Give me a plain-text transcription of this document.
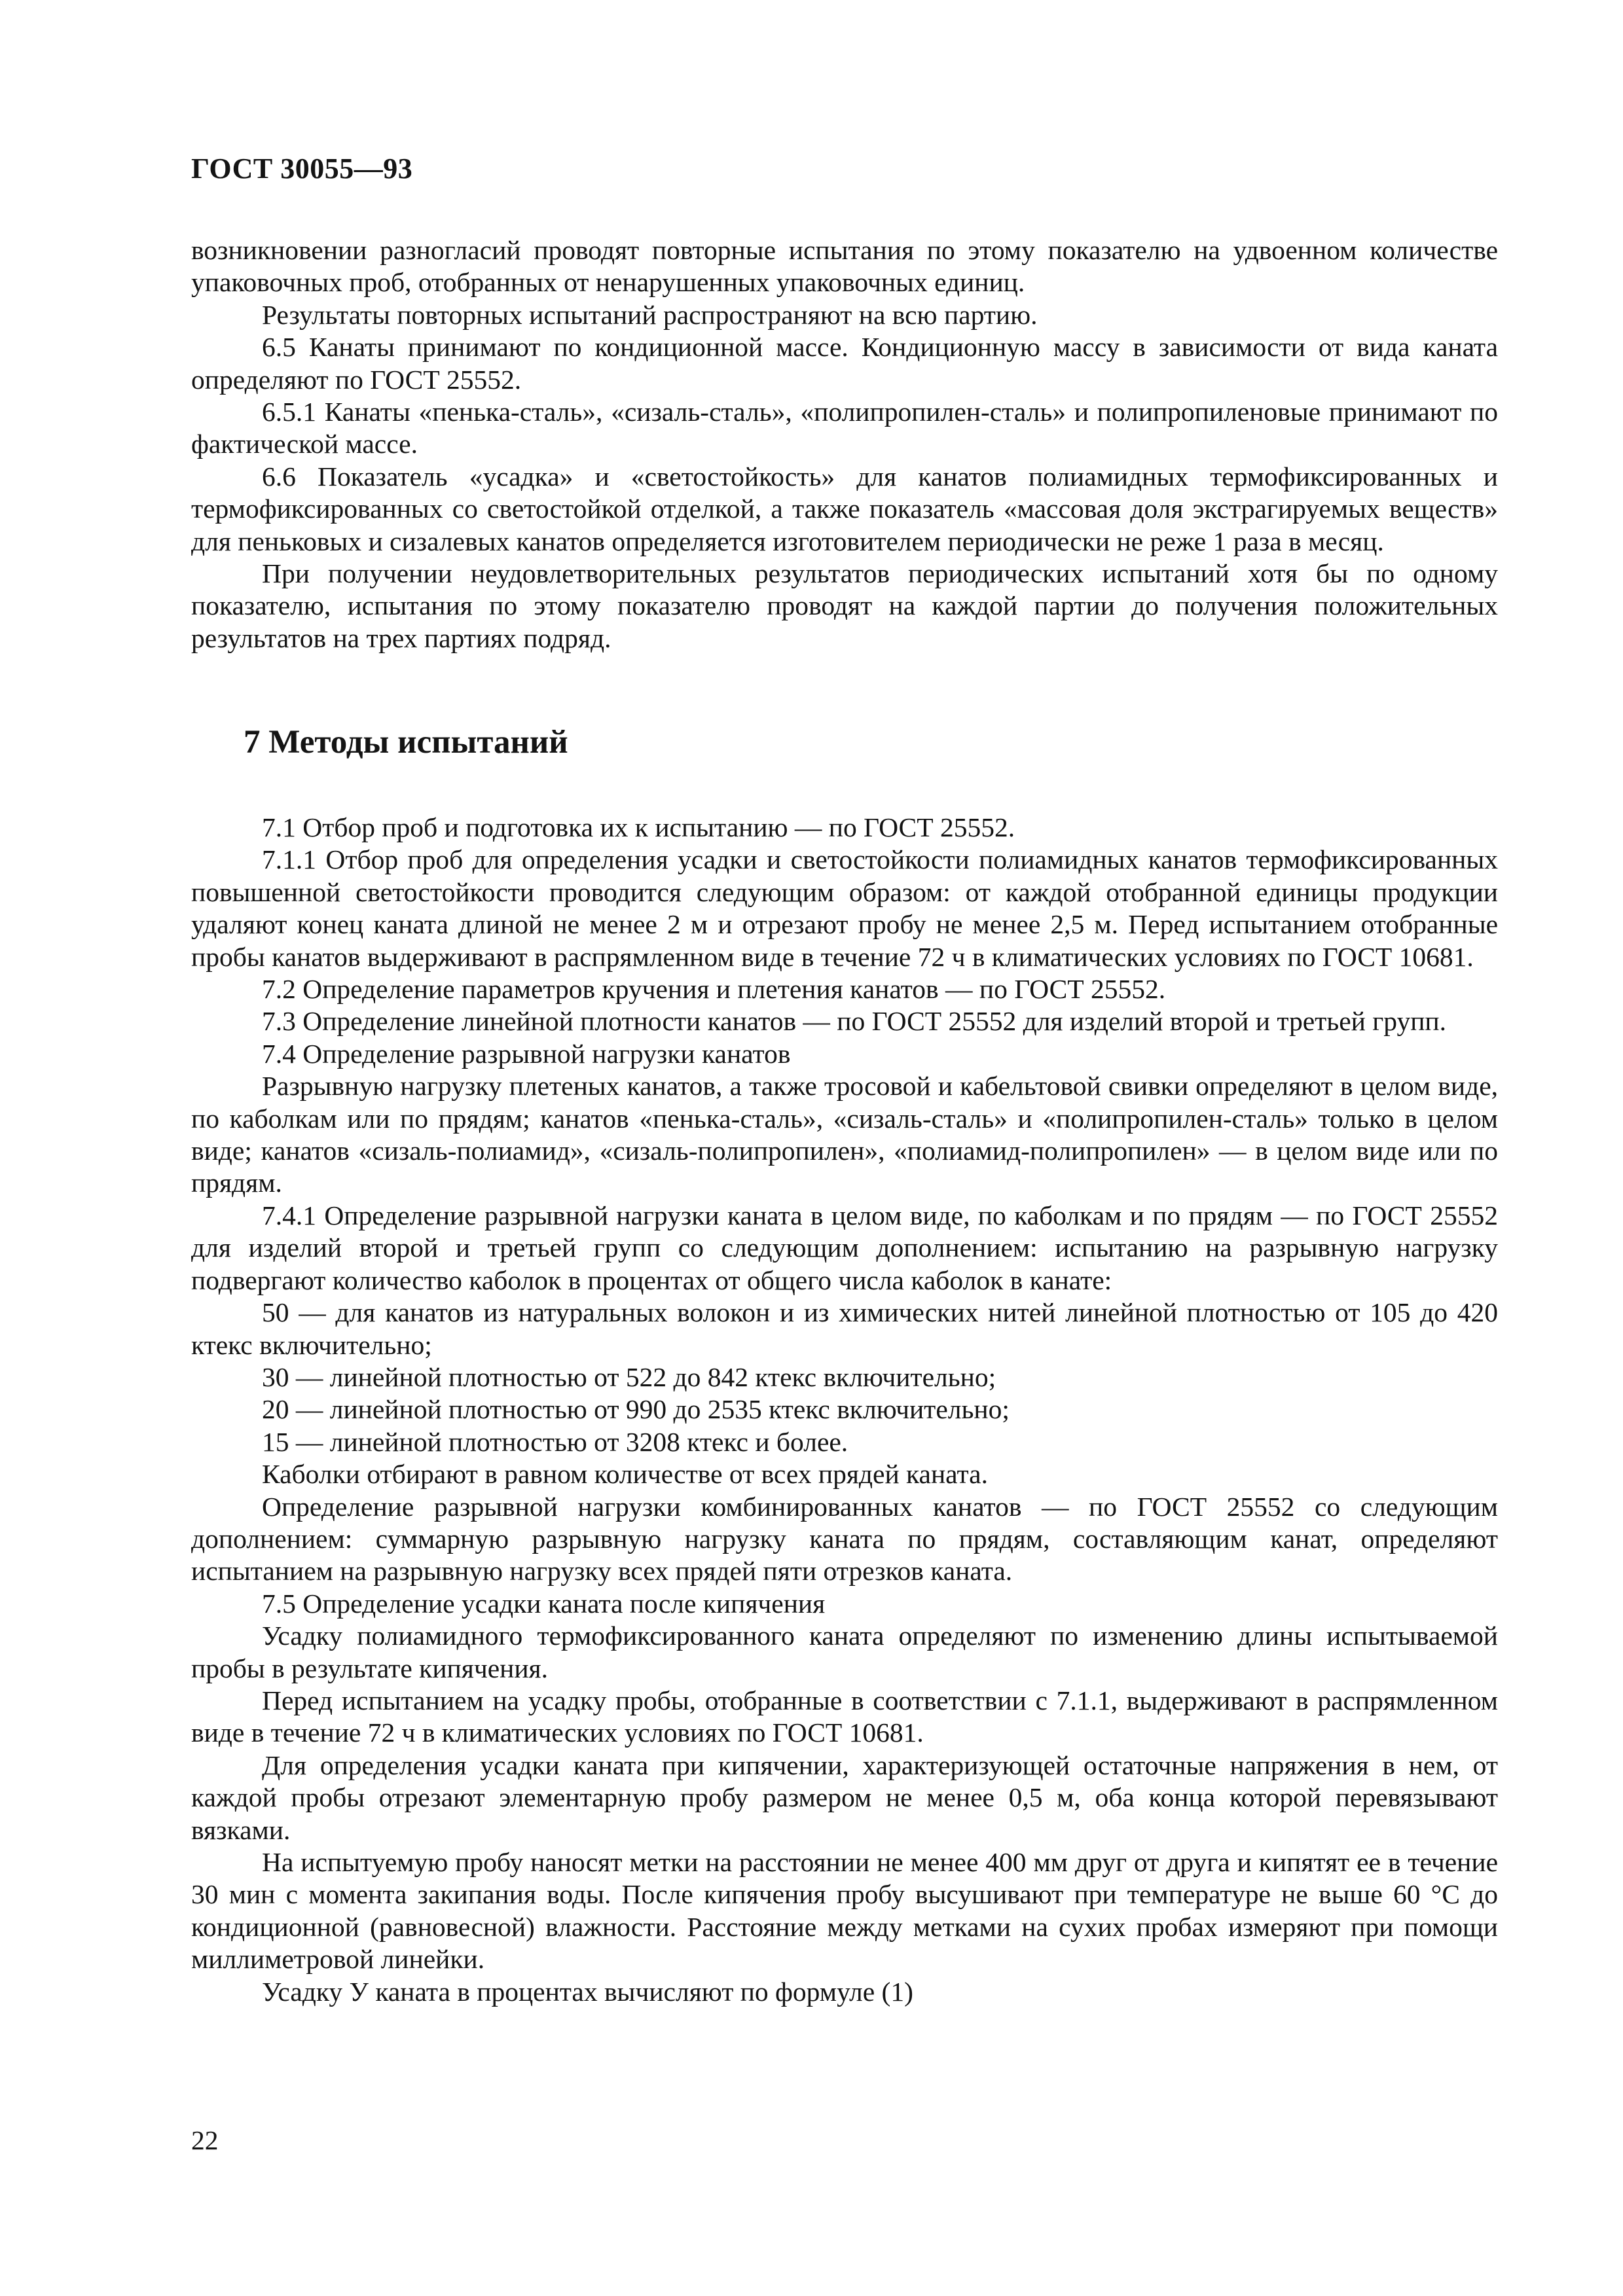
ГОСТ 30055—93

возникновении разногласий проводят повторные испытания по этому показателю на удвоенном количестве упаковочных проб, отобранных от ненарушенных упаковочных единиц.

Результаты повторных испытаний распространяют на всю партию.

6.5 Канаты принимают по кондиционной массе. Кондиционную массу в зависимости от вида каната определяют по ГОСТ 25552.

6.5.1 Канаты «пенька-сталь», «сизаль-сталь», «полипропилен-сталь» и полипропиленовые принимают по фактической массе.

6.6 Показатель «усадка» и «светостойкость» для канатов полиамидных термофиксированных и термофиксированных со светостойкой отделкой, а также показатель «массовая доля экстрагируемых веществ» для пеньковых и сизалевых канатов определяется изготовителем периодически не реже 1 раза в месяц.

При получении неудовлетворительных результатов периодических испытаний хотя бы по одному показателю, испытания по этому показателю проводят на каждой партии до получения положительных результатов на трех партиях подряд.

7 Методы испытаний

7.1 Отбор проб и подготовка их к испытанию — по ГОСТ 25552.

7.1.1 Отбор проб для определения усадки и светостойкости полиамидных канатов термофиксированных повышенной светостойкости проводится следующим образом: от каждой отобранной единицы продукции удаляют конец каната длиной не менее 2 м и отрезают пробу не менее 2,5 м. Перед испытанием отобранные пробы канатов выдерживают в распрямленном виде в течение 72 ч в климатических условиях по ГОСТ 10681.

7.2 Определение параметров кручения и плетения канатов — по ГОСТ 25552.

7.3 Определение линейной плотности канатов — по ГОСТ 25552 для изделий второй и третьей групп.

7.4 Определение разрывной нагрузки канатов

Разрывную нагрузку плетеных канатов, а также тросовой и кабельтовой свивки определяют в целом виде, по каболкам или по прядям; канатов «пенька-сталь», «сизаль-сталь» и «полипропилен-сталь» только в целом виде; канатов «сизаль-полиамид», «сизаль-полипропилен», «полиамид-полипропилен» — в целом виде или по прядям.

7.4.1 Определение разрывной нагрузки каната в целом виде, по каболкам и по прядям — по ГОСТ 25552 для изделий второй и третьей групп со следующим дополнением: испытанию на разрывную нагрузку подвергают количество каболок в процентах от общего числа каболок в канате:

50 — для канатов из натуральных волокон и из химических нитей линейной плотностью от 105 до 420 ктекс включительно;

30 — линейной плотностью от 522 до 842 ктекс включительно;

20 — линейной плотностью от 990 до 2535 ктекс включительно;

15 — линейной плотностью от 3208 ктекс и более.

Каболки отбирают в равном количестве от всех прядей каната.

Определение разрывной нагрузки комбинированных канатов — по ГОСТ 25552 со следующим дополнением: суммарную разрывную нагрузку каната по прядям, составляющим канат, определяют испытанием на разрывную нагрузку всех прядей пяти отрезков каната.

7.5 Определение усадки каната после кипячения

Усадку полиамидного термофиксированного каната определяют по изменению длины испытываемой пробы в результате кипячения.

Перед испытанием на усадку пробы, отобранные в соответствии с 7.1.1, выдерживают в распрямленном виде в течение 72 ч в климатических условиях по ГОСТ 10681.

Для определения усадки каната при кипячении, характеризующей остаточные напряжения в нем, от каждой пробы отрезают элементарную пробу размером не менее 0,5 м, оба конца которой перевязывают вязками.

На испытуемую пробу наносят метки на расстоянии не менее 400 мм друг от друга и кипятят ее в течение 30 мин с момента закипания воды. После кипячения пробу высушивают при температуре не выше 60 °С до кондиционной (равновесной) влажности. Расстояние между метками на сухих пробах измеряют при помощи миллиметровой линейки.

Усадку У каната в процентах вычисляют по формуле (1)

22
